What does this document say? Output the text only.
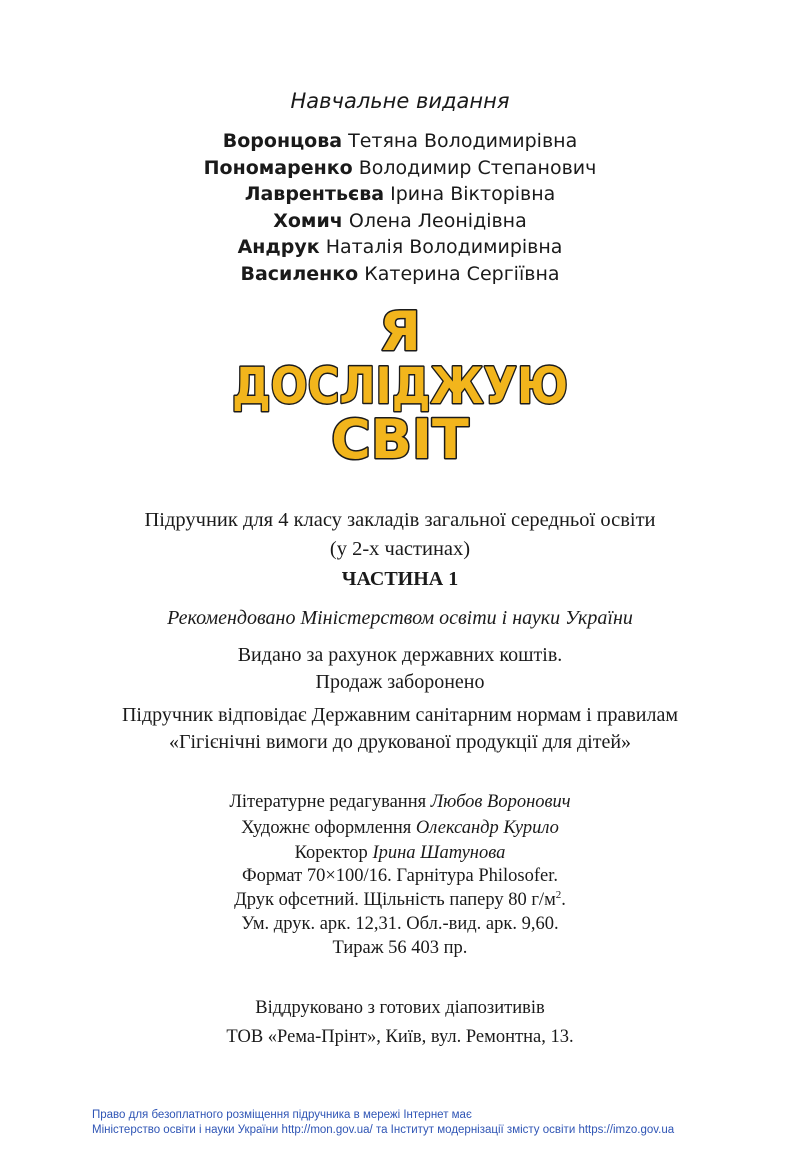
Навчальне видання
Воронцова Тетяна Володимирівна
Пономаренко Володимир Степанович
Лаврентьєва Ірина Вікторівна
Хомич Олена Леонідівна
Андрук Наталія Володимирівна
Василенко Катерина Сергіївна
Я
ДОСЛІДЖУЮ
СВІТ
Підручник для 4 класу закладів загальної середньої освіти
(у 2-х частинах)
ЧАСТИНА 1
Рекомендовано Міністерством освіти і науки України
Видано за рахунок державних коштів.
Продаж заборонено
Підручник відповідає Державним санітарним нормам і правилам
«Гігієнічні вимоги до друкованої продукції для дітей»
Літературне редагування Любов Воронович
Художнє оформлення Олександр Курило
Коректор Ірина Шатунова
Формат 70×100/16. Гарнітура Philosofer.
Друк офсетний. Щільність паперу 80 $г/м^2$.
Ум. друк. арк. 12,31. Обл.-вид. арк. 9,60.
Тираж 56 403 пр.
Віддруковано з готових діапозитивів
ТОВ «Рема-Прінт», Київ, вул. Ремонтна, 13.
Право для безоплатного розміщення підручника в мережі Інтернет має
Міністерство освіти і науки України http://mon.gov.ua/ та Інститут модернізації змісту освіти https://imzo.gov.ua
